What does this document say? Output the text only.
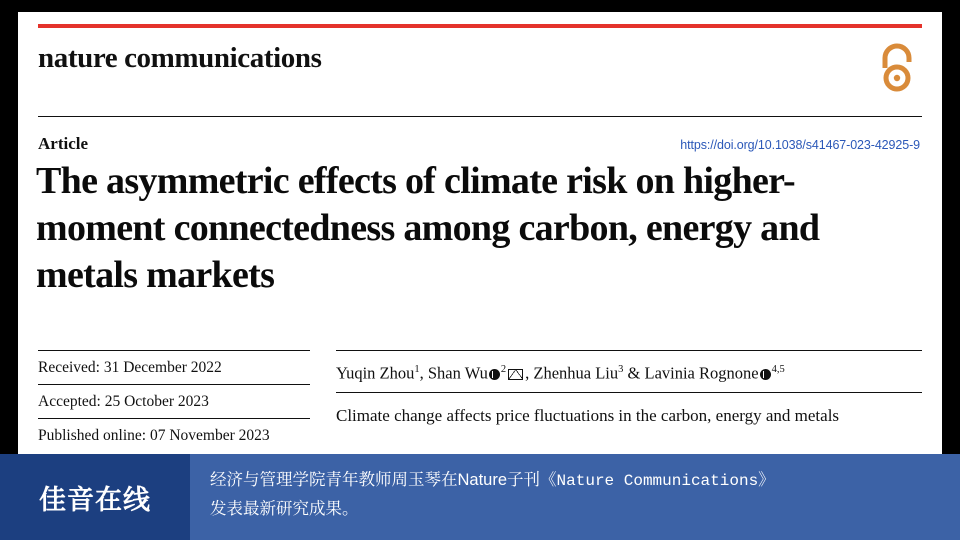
nature communications
Article	https://doi.org/10.1038/s41467-023-42925-9
The asymmetric effects of climate risk on higher-moment connectedness among carbon, energy and metals markets
Received: 31 December 2022
Accepted: 25 October 2023
Published online: 07 November 2023
Yuqin Zhou$^1$, Shan Wu $^2$ , Zhenhua Liu$^3$ & Lavinia Rognone $^{4,5}$
Climate change affects price fluctuations in the carbon, energy and metals
佳音在线
经济与管理学院青年教师周玉琴在Nature子刊《Nature Communications》
发表最新研究成果。
